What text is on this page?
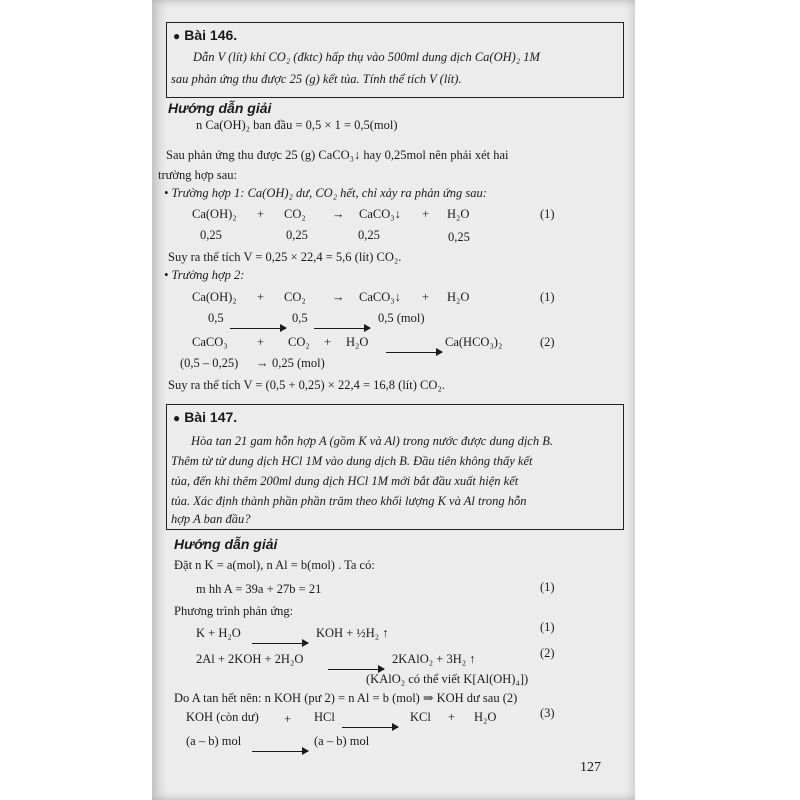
● Bài 146.
Dẫn V (lít) khí CO₂ (đktc) hấp thụ vào 500ml dung dịch Ca(OH)₂ 1M
sau phản ứng thu được 25 (g) kết tủa. Tính thể tích V (lít).
Hướng dẫn giải
n Ca(OH)₂ ban đầu = 0,5 × 1 = 0,5(mol)
Sau phản ứng thu được 25 (g) CaCO₃↓ hay 0,25mol nên phải xét hai
trường hợp sau:
• Trường hợp 1: Ca(OH)₂ dư, CO₂ hết, chỉ xảy ra phản ứng sau:
Ca(OH)₂ + CO₂ → CaCO₃↓ + H₂O	(1)
0,25	0,25	0,25	0,25
Suy ra thể tích V = 0,25 × 22,4 = 5,6 (lít) CO₂.
• Trường hợp 2:
Ca(OH)₂ + CO₂ → CaCO₃↓ + H₂O	(1)
0,5	0,5	0,5 (mol)
CaCO₃ + CO₂ + H₂O	Ca(HCO₃)₂	(2)
(0,5 – 0,25) → 0,25 (mol)
Suy ra thể tích V = (0,5 + 0,25) × 22,4 = 16,8 (lít) CO₂.
● Bài 147.
Hòa tan 21 gam hỗn hợp A (gồm K và Al) trong nước được dung dịch B.
Thêm từ từ dung dịch HCl 1M vào dung dịch B. Đầu tiên không thấy kết
tủa, đến khi thêm 200ml dung dịch HCl 1M mới bắt đầu xuất hiện kết
tủa. Xác định thành phần phần trăm theo khối lượng K và Al trong hỗn
hợp A ban đầu?
Hướng dẫn giải
Đặt n K = a(mol), n Al = b(mol) . Ta có:
m hh A = 39a + 27b = 21	(1)
Phương trình phản ứng:
K + H₂O	KOH + ½H₂ ↑	(1)
2Al + 2KOH + 2H₂O	2KAlO₂ + 3H₂ ↑	(2)
(KAlO₂ có thể viết K[Al(OH)₄])
Do A tan hết nên: n KOH (pư 2) = n Al = b (mol) ⇒ KOH dư sau (2)
KOH (còn dư) + HCl	KCl + H₂O	(3)
(a – b) mol	(a – b) mol
127
